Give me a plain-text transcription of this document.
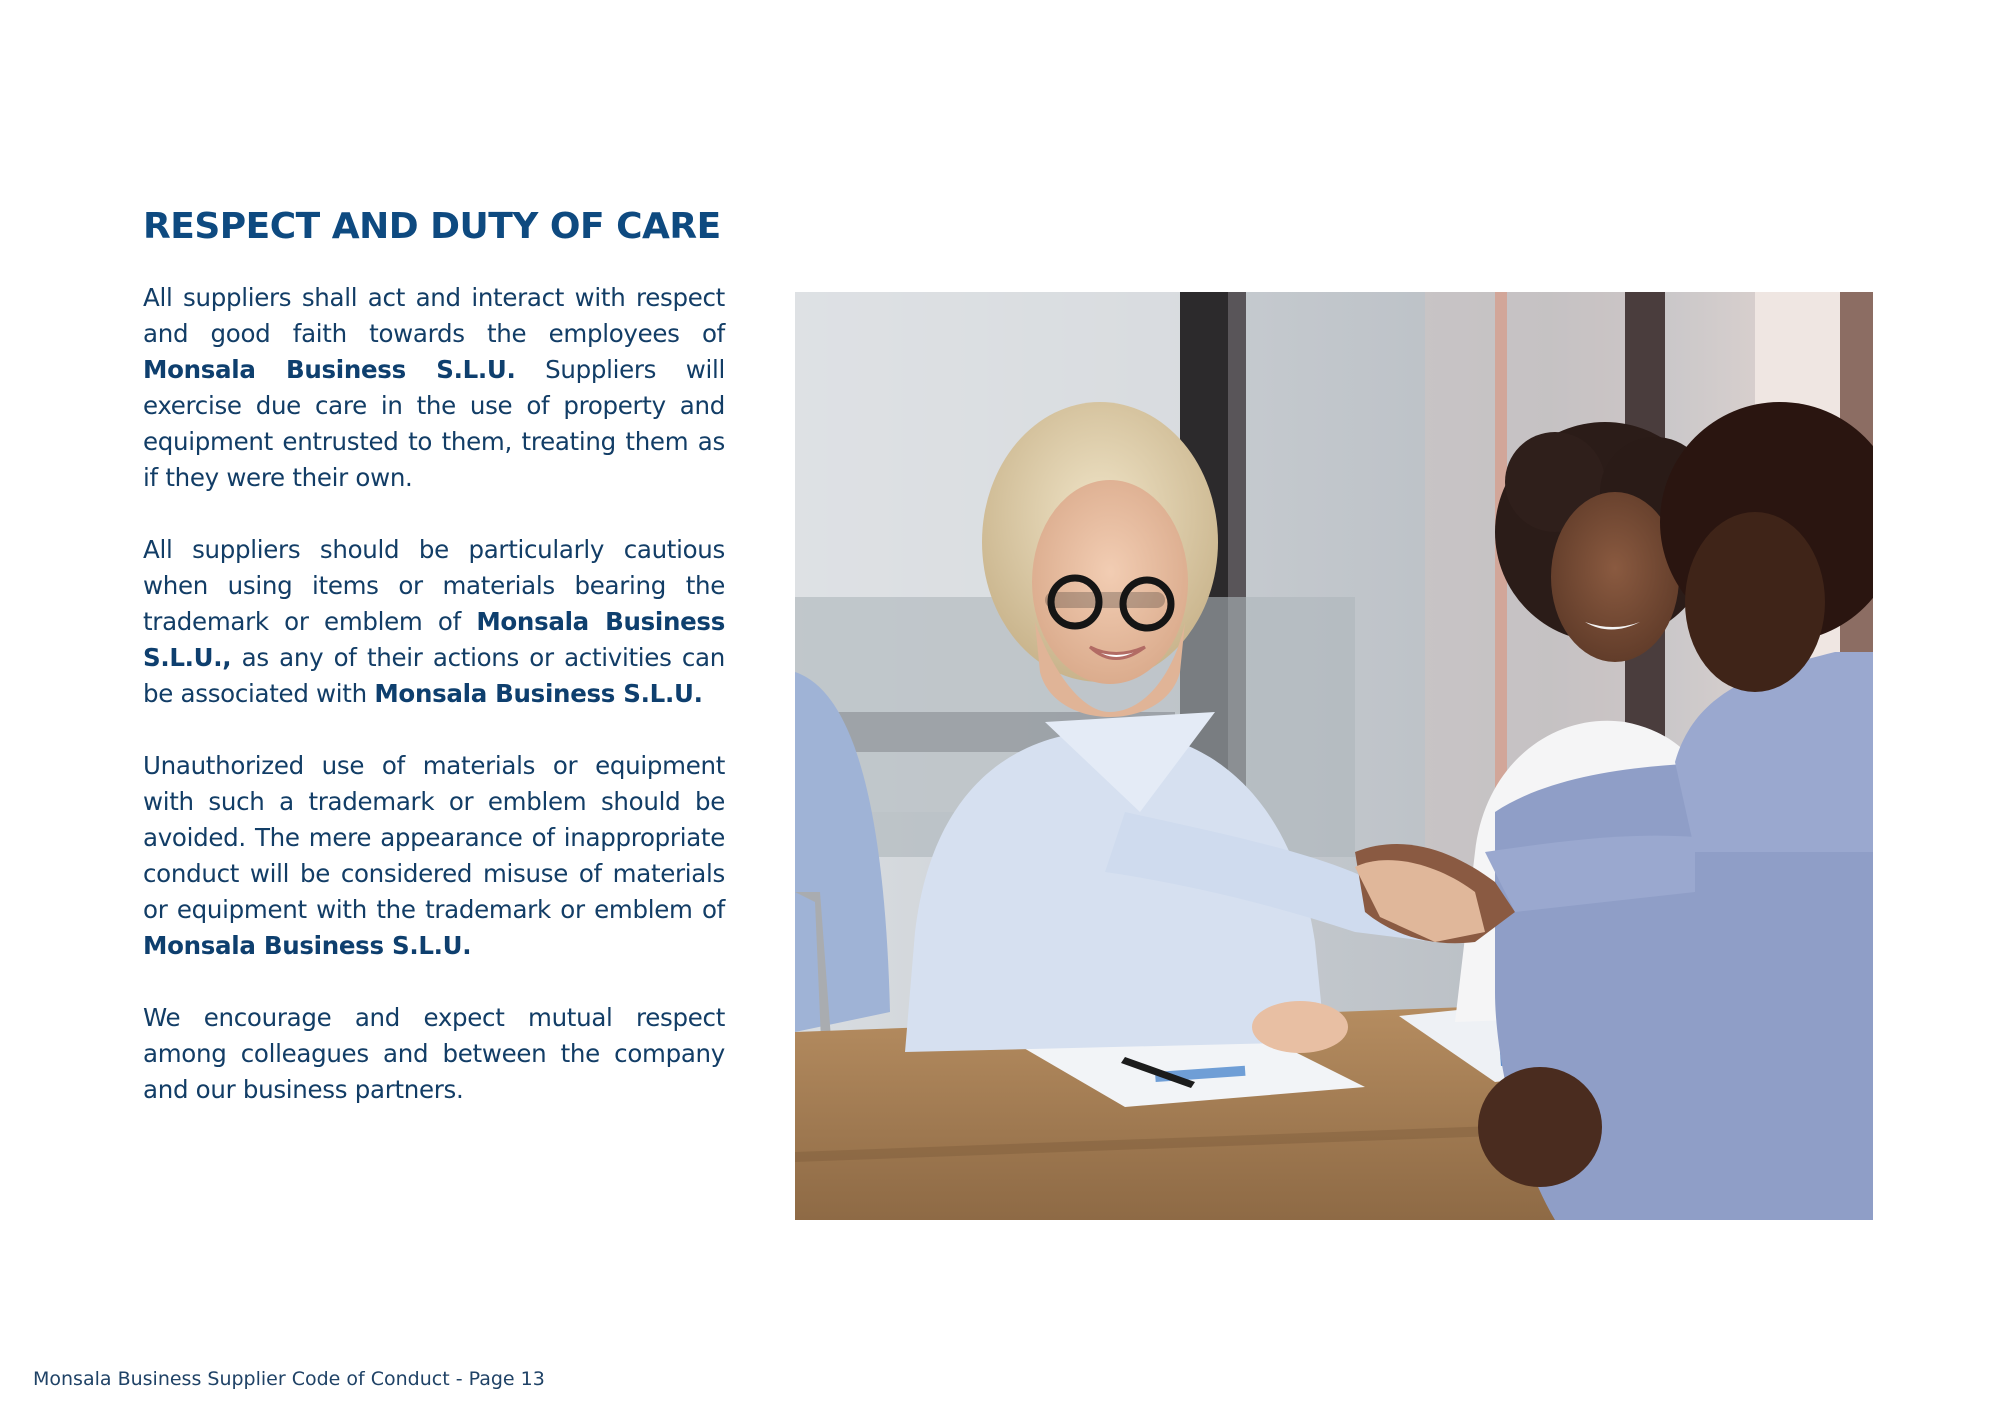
RESPECT AND DUTY OF CARE

All suppliers shall act and interact with respect and good faith towards the employees of Monsala Business S.L.U. Suppliers will exercise due care in the use of property and equipment entrusted to them, treating them as if they were their own.

All suppliers should be particularly cautious when using items or materials bearing the trademark or emblem of Monsala Business S.L.U., as any of their actions or activities can be associated with Monsala Business S.L.U.

Unauthorized use of materials or equipment with such a trademark or emblem should be avoided. The mere appearance of inappropriate conduct will be considered misuse of materials or equipment with the trademark or emblem of Monsala Business S.L.U.

We encourage and expect mutual respect among colleagues and between the company and our business partners.

Monsala Business Supplier Code of Conduct - Page 13
